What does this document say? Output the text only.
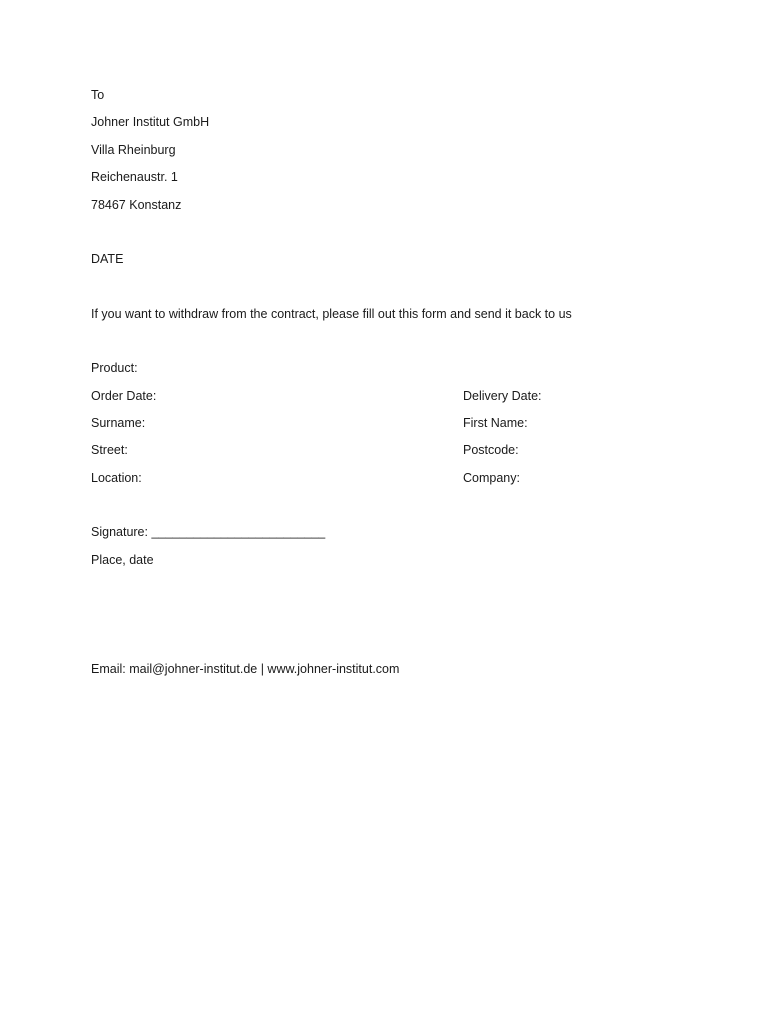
To
Johner Institut GmbH
Villa Rheinburg
Reichenaustr. 1
78467 Konstanz
DATE
If you want to withdraw from the contract, please fill out this form and send it back to us
Product:
Order Date:	Delivery Date:
Surname:	First Name:
Street:	Postcode:
Location:	Company:
Signature: _________________________
Place, date
Email: mail@johner-institut.de | www.johner-institut.com
